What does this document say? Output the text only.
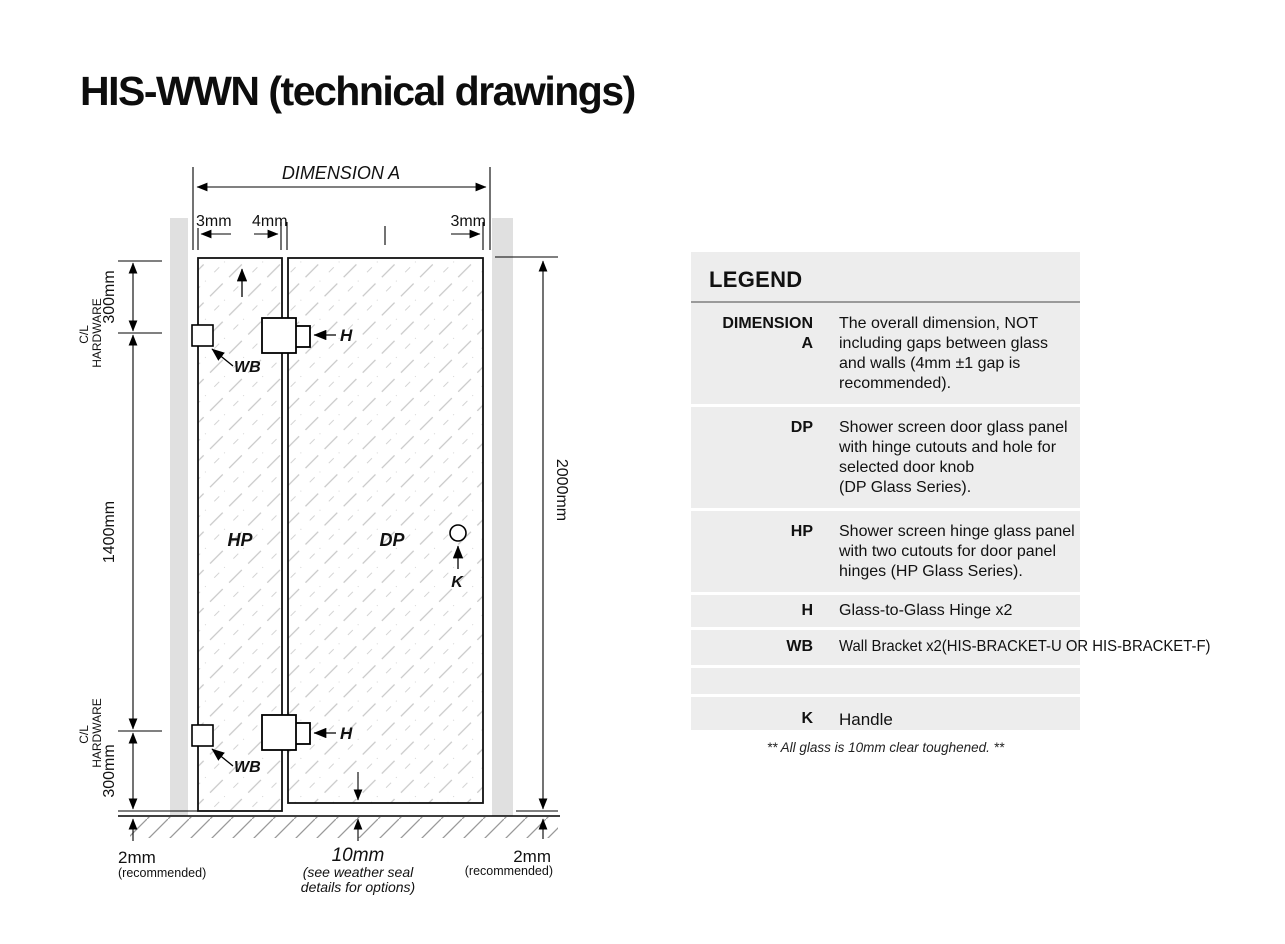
HIS-WWN (technical drawings)
DIMENSION A
3mm 4mm	3mm
300mm
C/L HARDWARE
1400mm
C/L HARDWARE
300mm
2mm
(recommended)
2000mm
2mm
(recommended)
10mm
(see weather seal
details for options)
HP	DP
K
H
H
WB
WB
LEGEND
DIMENSION A
The overall dimension, NOT
including gaps between glass
and walls (4mm ±1 gap is
recommended).
DP Shower screen door glass panel
with hinge cutouts and hole for
selected door knob
(DP Glass Series).
HP Shower screen hinge glass panel
with two cutouts for door panel
hinges (HP Glass Series).
H Glass-to-Glass Hinge x2
WB Wall Bracket x2(HIS-BRACKET-U OR HIS-BRACKET-F)
K Handle
** All glass is 10mm clear toughened. **
